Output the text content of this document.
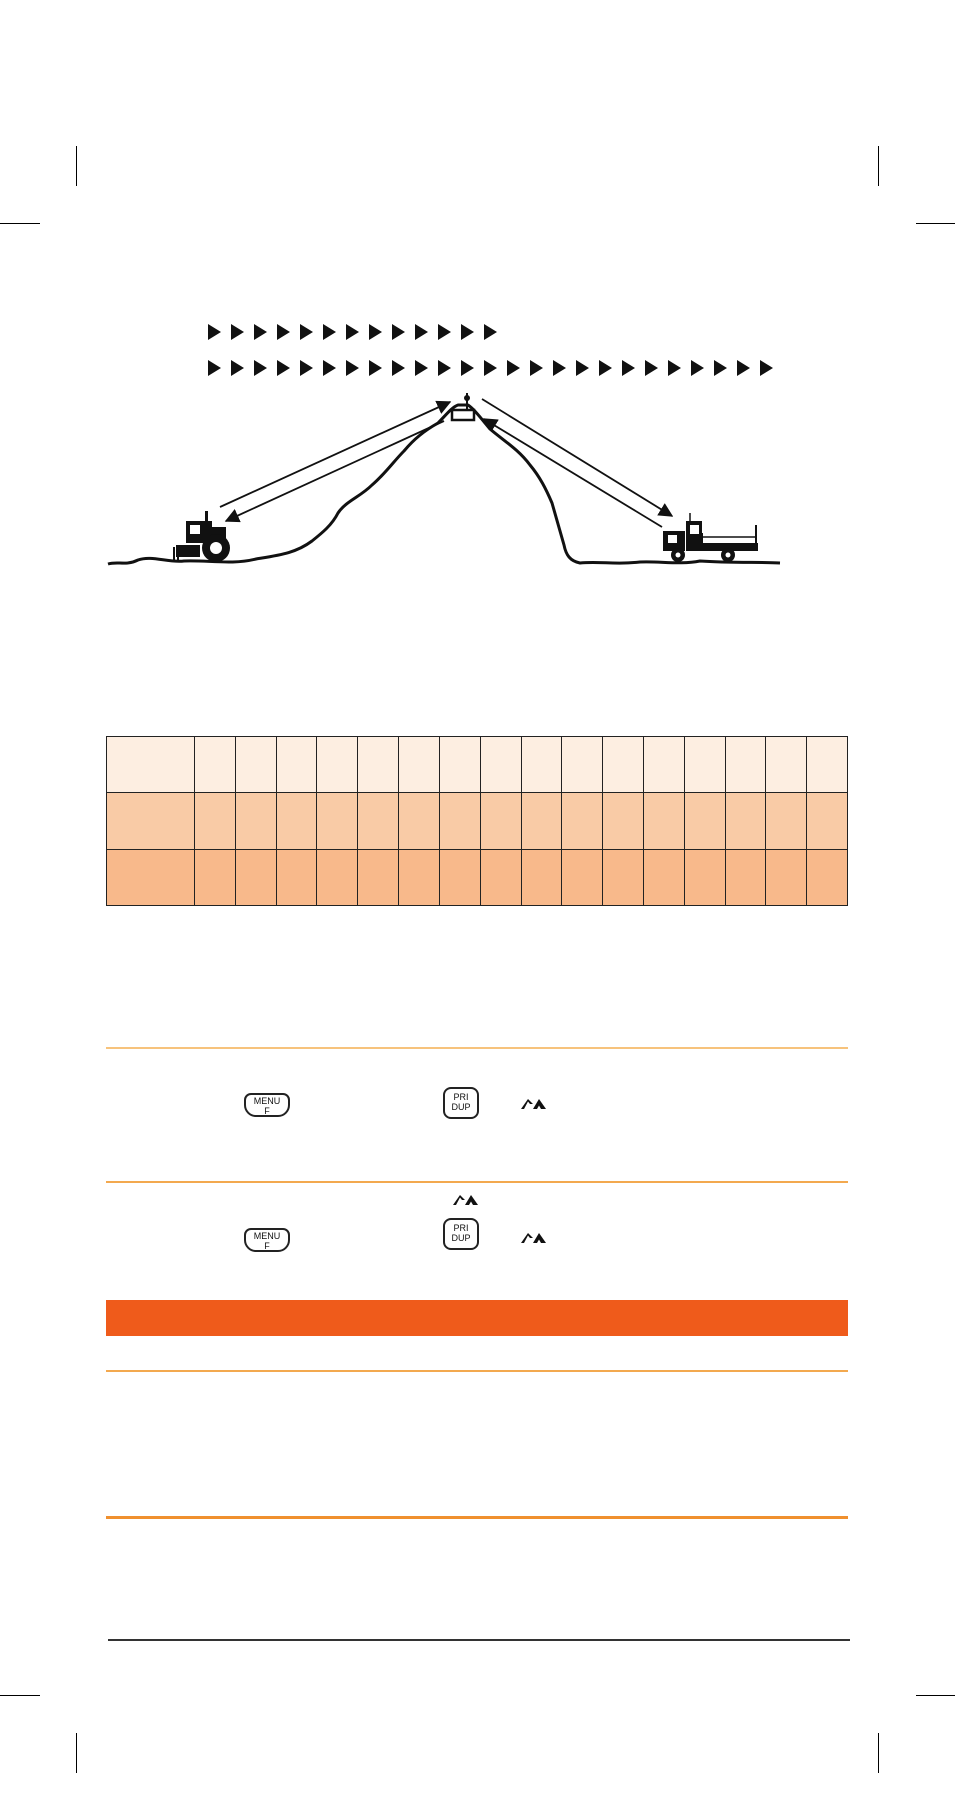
MENU
F
PRI
DUP
MENU
F
PRI
DUP
